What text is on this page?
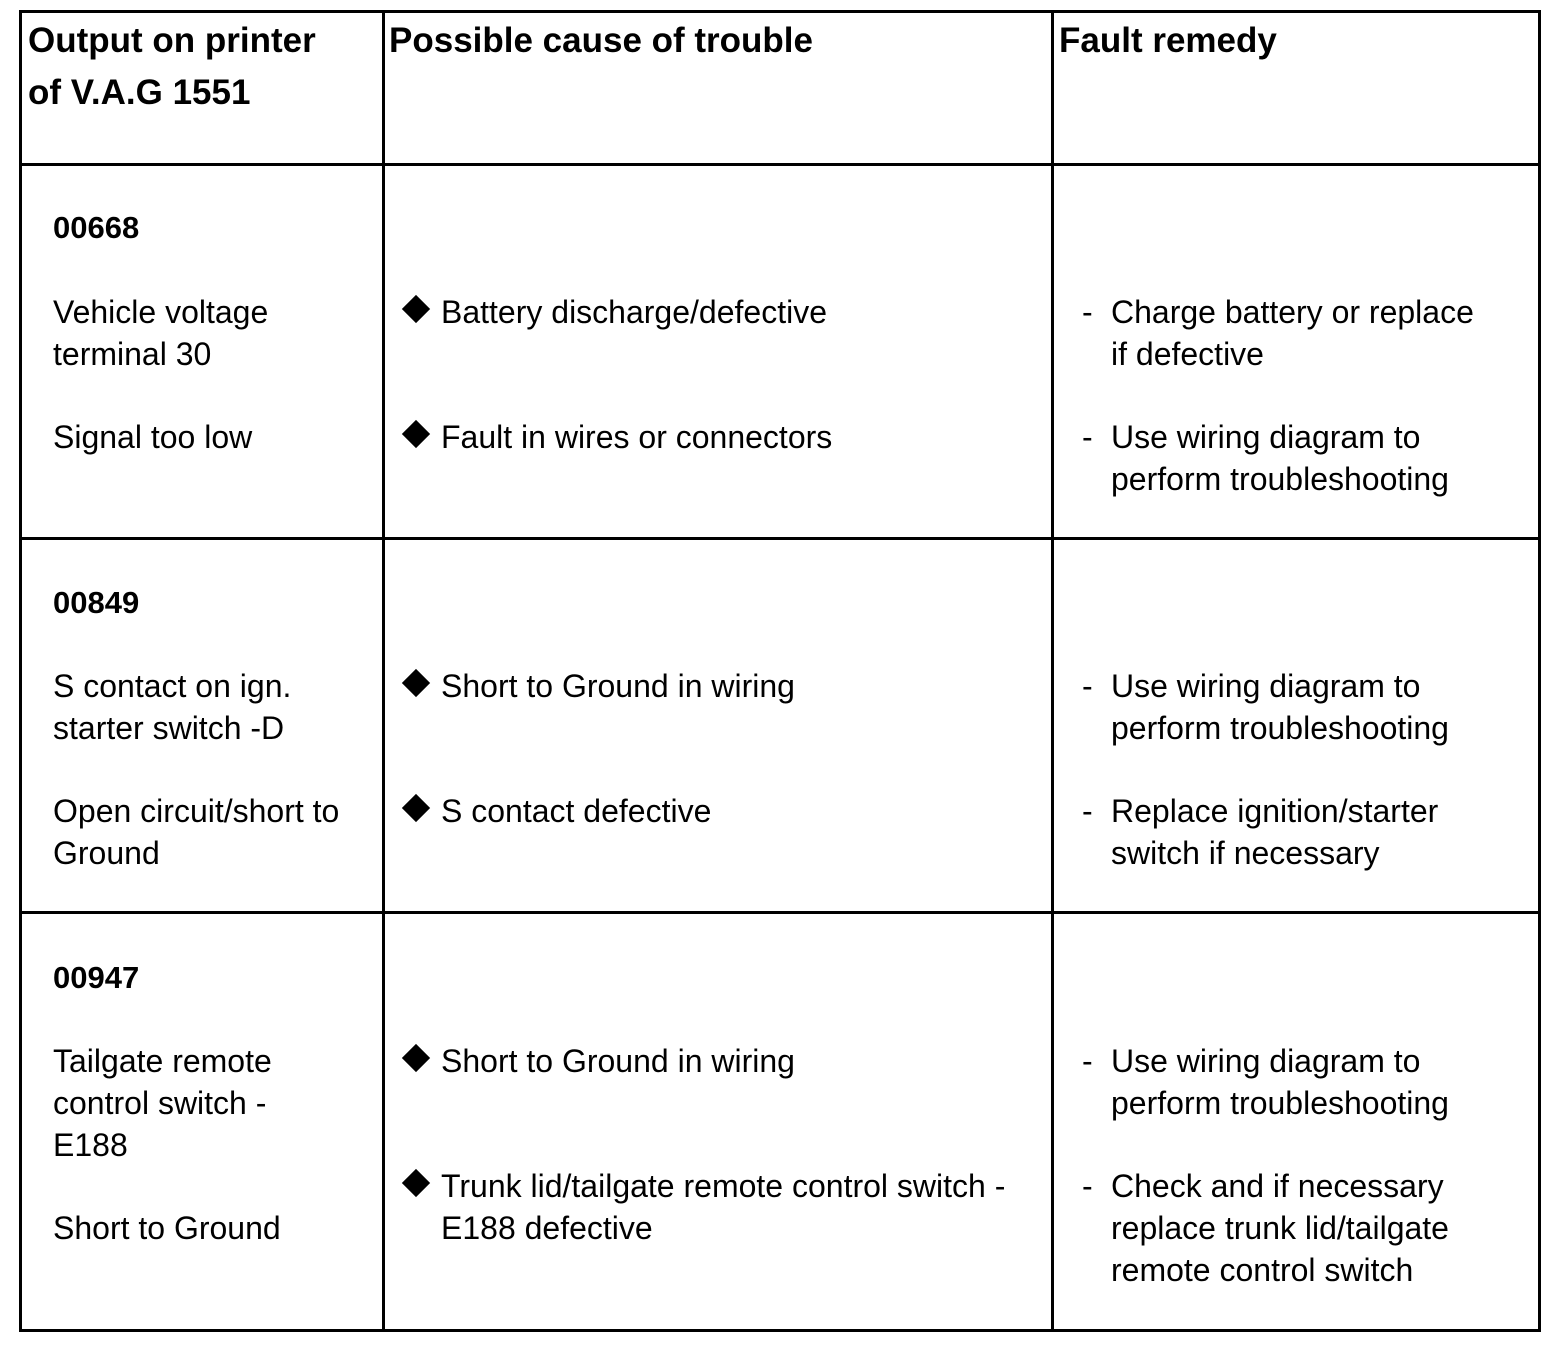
Output on printer
of V.A.G 1551
Possible cause of trouble	Fault remedy
00668
Vehicle voltage
terminal 30
Signal too low
Battery discharge/defective
Fault in wires or connectors
- Charge battery or replace
if defective
- Use wiring diagram to
perform troubleshooting
00849
S contact on ign.
starter switch -D
Open circuit/short to
Ground
Short to Ground in wiring
S contact defective
- Use wiring diagram to
perform troubleshooting
- Replace ignition/starter
switch if necessary
00947
Tailgate remote
control switch -
E188
Short to Ground
Short to Ground in wiring
Trunk lid/tailgate remote control switch -
E188 defective
- Use wiring diagram to
perform troubleshooting
- Check and if necessary
replace trunk lid/tailgate
remote control switch
